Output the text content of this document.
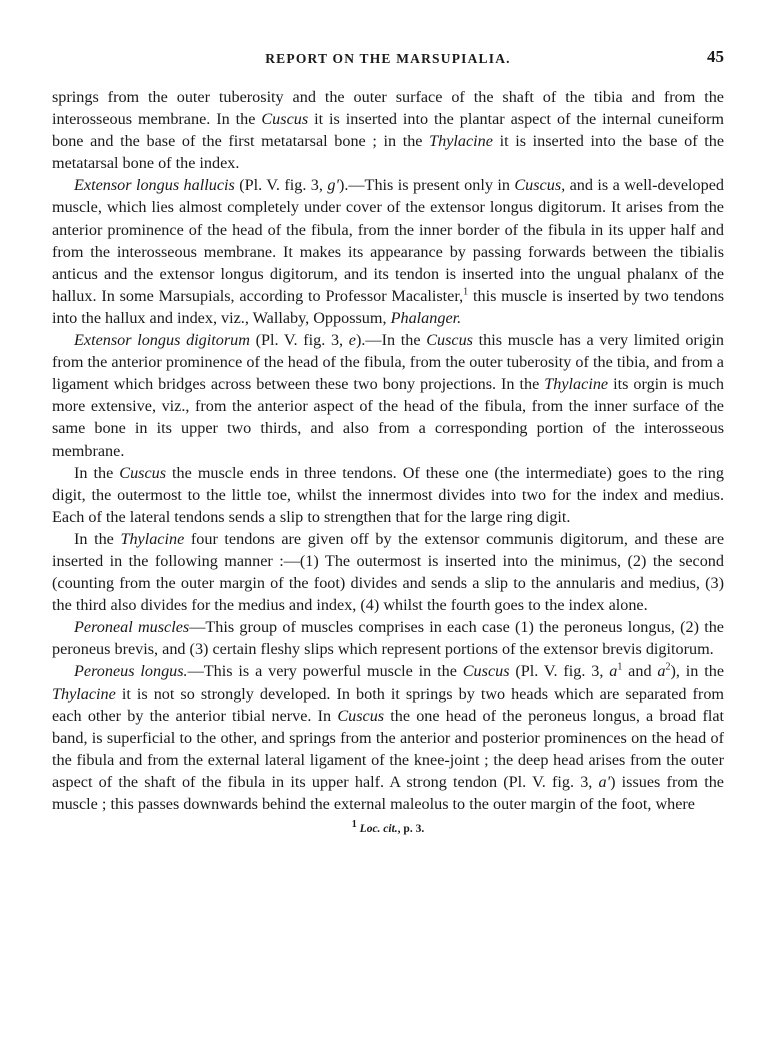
REPORT ON THE MARSUPIALIA.	45

springs from the outer tuberosity and the outer surface of the shaft of the tibia and from the interosseous membrane. In the Cuscus it is inserted into the plantar aspect of the internal cuneiform bone and the base of the first metatarsal bone ; in the Thylacine it is inserted into the base of the metatarsal bone of the index.

Extensor longus hallucis (Pl. V. fig. 3, g').—This is present only in Cuscus, and is a well-developed muscle, which lies almost completely under cover of the extensor longus digitorum. It arises from the anterior prominence of the head of the fibula, from the inner border of the fibula in its upper half and from the interosseous membrane. It makes its appearance by passing forwards between the tibialis anticus and the extensor longus digitorum, and its tendon is inserted into the ungual phalanx of the hallux. In some Marsupials, according to Professor Macalister,$^1$ this muscle is inserted by two tendons into the hallux and index, viz., Wallaby, Oppossum, Phalanger.

Extensor longus digitorum (Pl. V. fig. 3, e).—In the Cuscus this muscle has a very limited origin from the anterior prominence of the head of the fibula, from the outer tuberosity of the tibia, and from a ligament which bridges across between these two bony projections. In the Thylacine its orgin is much more extensive, viz., from the anterior aspect of the head of the fibula, from the inner surface of the same bone in its upper two thirds, and also from a corresponding portion of the interosseous membrane.

In the Cuscus the muscle ends in three tendons. Of these one (the intermediate) goes to the ring digit, the outermost to the little toe, whilst the innermost divides into two for the index and medius. Each of the lateral tendons sends a slip to strengthen that for the large ring digit.

In the Thylacine four tendons are given off by the extensor communis digitorum, and these are inserted in the following manner :—(1) The outermost is inserted into the minimus, (2) the second (counting from the outer margin of the foot) divides and sends a slip to the annularis and medius, (3) the third also divides for the medius and index, (4) whilst the fourth goes to the index alone.

Peroneal muscles—This group of muscles comprises in each case (1) the peroneus longus, (2) the peroneus brevis, and (3) certain fleshy slips which represent portions of the extensor brevis digitorum.

Peroneus longus.—This is a very powerful muscle in the Cuscus (Pl. V. fig. 3, $a^1$ and $a^2$), in the Thylacine it is not so strongly developed. In both it springs by two heads which are separated from each other by the anterior tibial nerve. In Cuscus the one head of the peroneus longus, a broad flat band, is superficial to the other, and springs from the anterior and posterior prominences on the head of the fibula and from the external lateral ligament of the knee-joint ; the deep head arises from the outer aspect of the shaft of the fibula in its upper half. A strong tendon (Pl. V. fig. 3, a') issues from the muscle ; this passes downwards behind the external maleolus to the outer margin of the foot, where

$^1$ Loc. cit., p. 3.
